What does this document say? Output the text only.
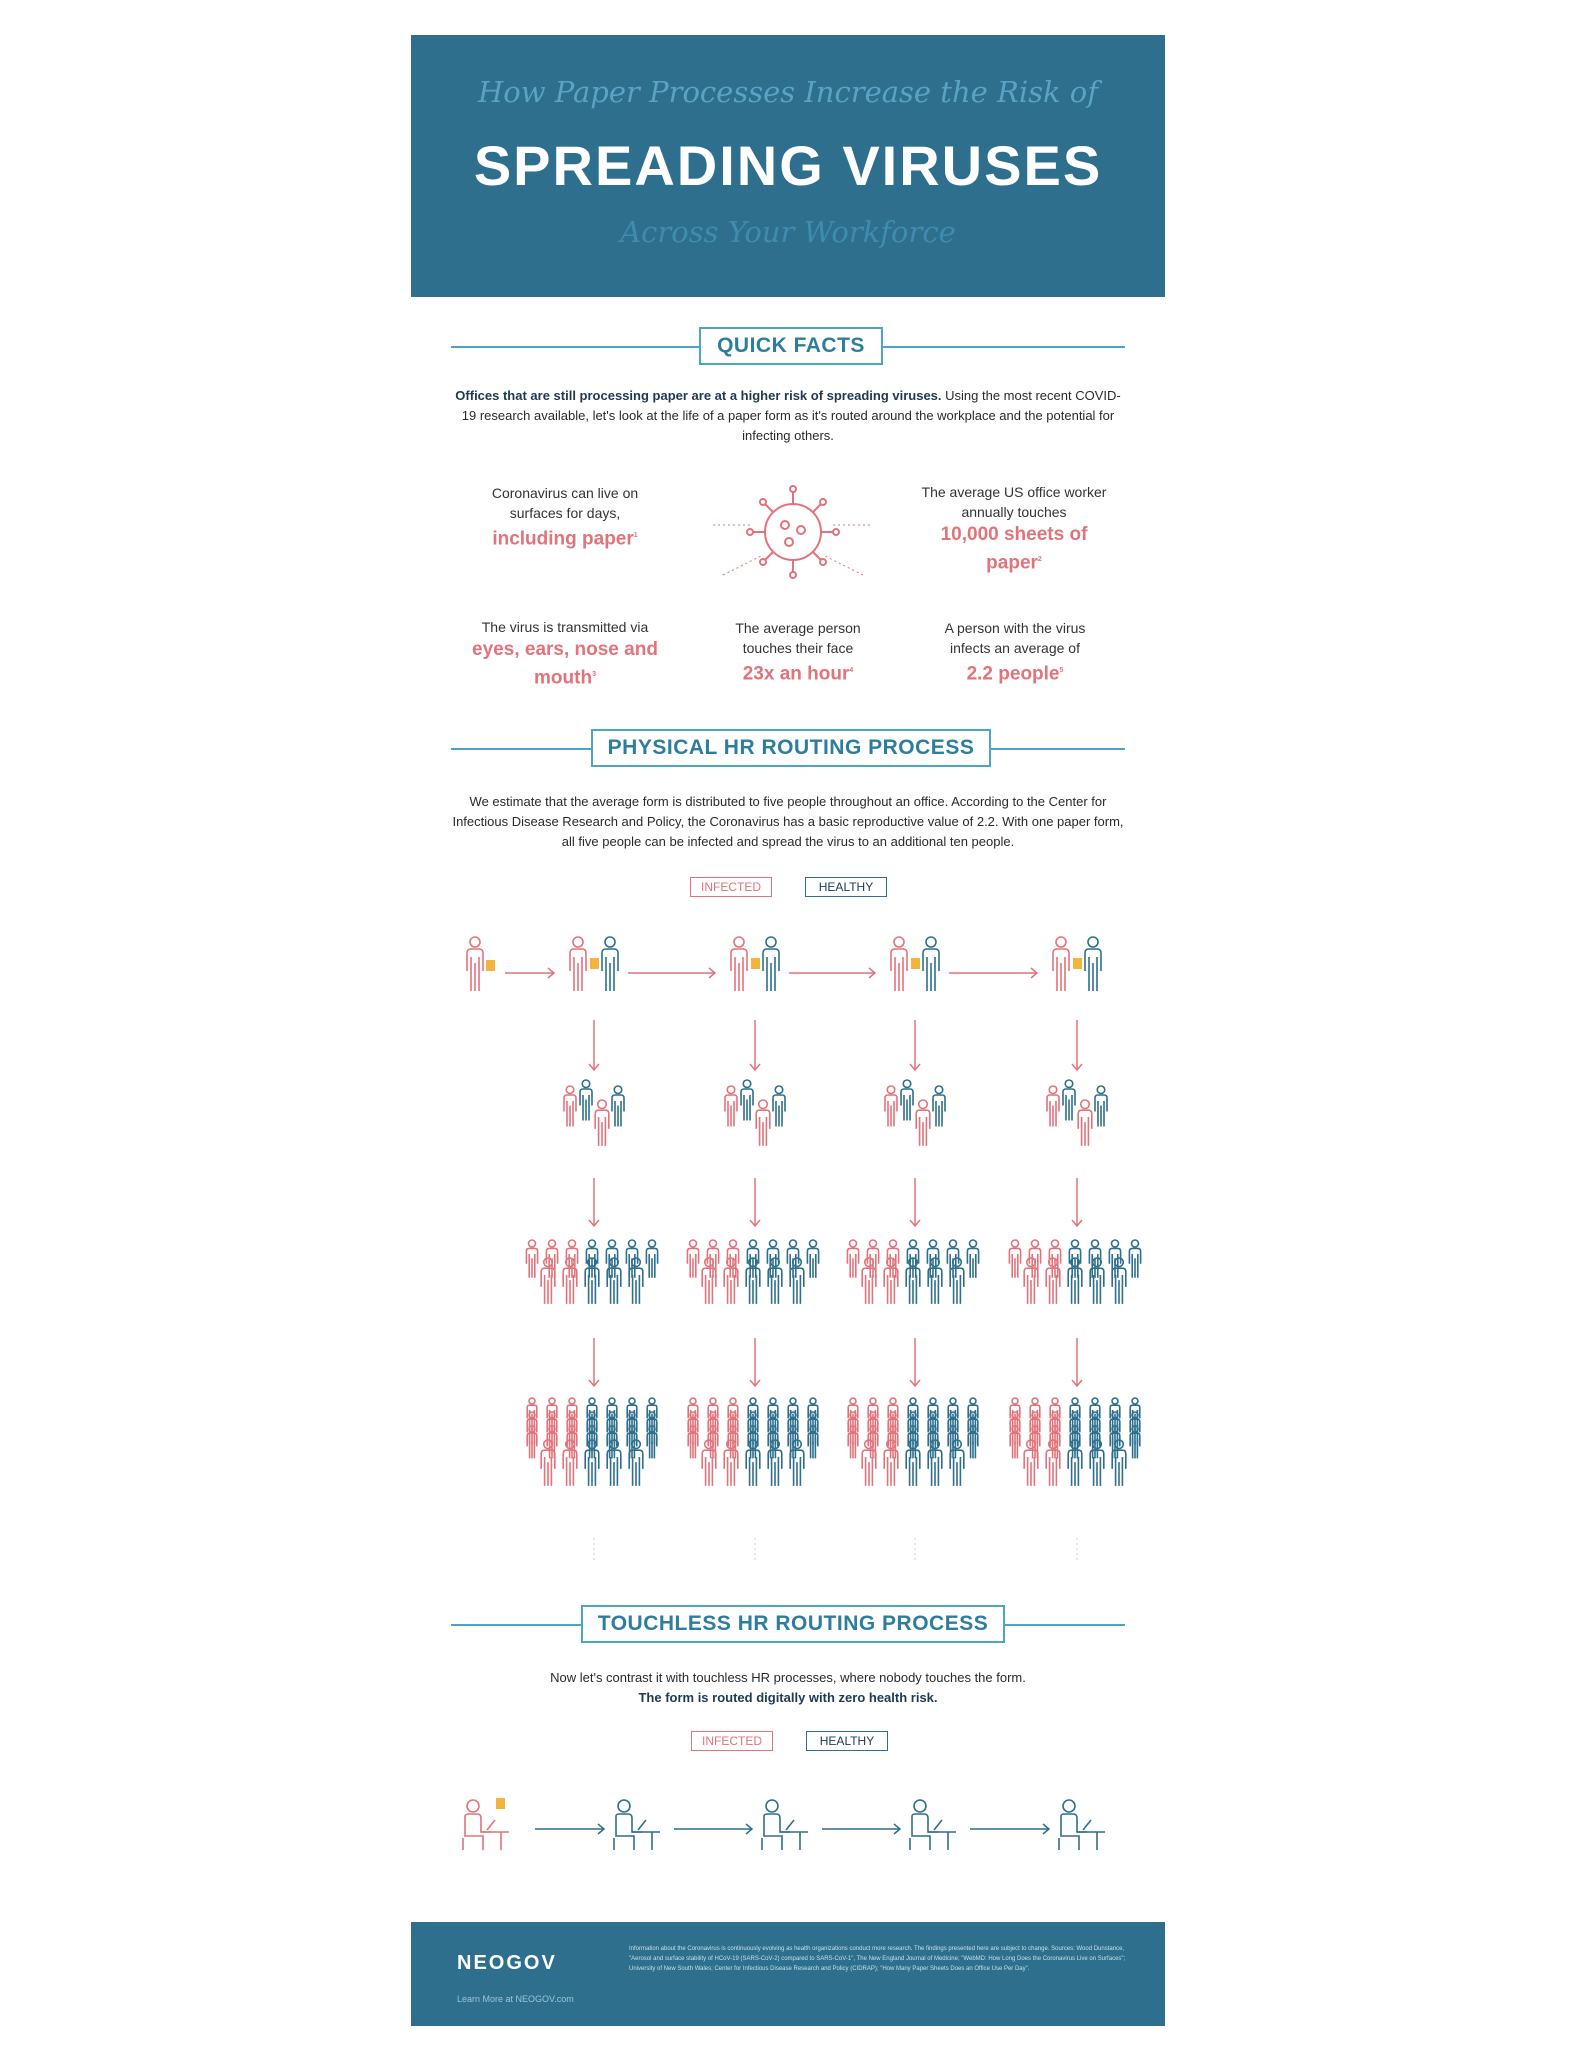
How Paper Processes Increase the Risk of
SPREADING VIRUSES
Across Your Workforce
QUICK FACTS
Offices that are still processing paper are at a higher risk of spreading viruses. Using the most recent COVID-19 research available, let's look at the life of a paper form as it's routed around the workplace and the potential for infecting others.
Coronavirus can live on surfaces for days,
including paper$^1$
The average US office worker annually touches
10,000 sheets of paper$^2$
The virus is transmitted via
eyes, ears, nose and mouth$^3$
The average person touches their face
23x an hour$^4$
A person with the virus infects an average of
2.2 people$^5$
PHYSICAL HR ROUTING PROCESS
We estimate that the average form is distributed to five people throughout an office. According to the Center for Infectious Disease Research and Policy, the Coronavirus has a basic reproductive value of 2.2. With one paper form, all five people can be infected and spread the virus to an additional ten people.
INFECTED	HEALTHY
TOUCHLESS HR ROUTING PROCESS
Now let's contrast it with touchless HR processes, where nobody touches the form.
The form is routed digitally with zero health risk.
INFECTED	HEALTHY
NEOGOV
Learn More at NEOGOV.com
Information about the Coronavirus is continuously evolving as health organizations conduct more research. The findings presented here are subject to change. Sources: Wood Dunstance, "Aerosol and surface stability of HCoV-19 (SARS-CoV-2) compared to SARS-CoV-1", The New England Journal of Medicine; "WebMD: How Long Does the Coronavirus Live on Surfaces"; University of New South Wales; Center for Infectious Disease Research and Policy (CIDRAP); "How Many Paper Sheets Does an Office Use Per Day".
